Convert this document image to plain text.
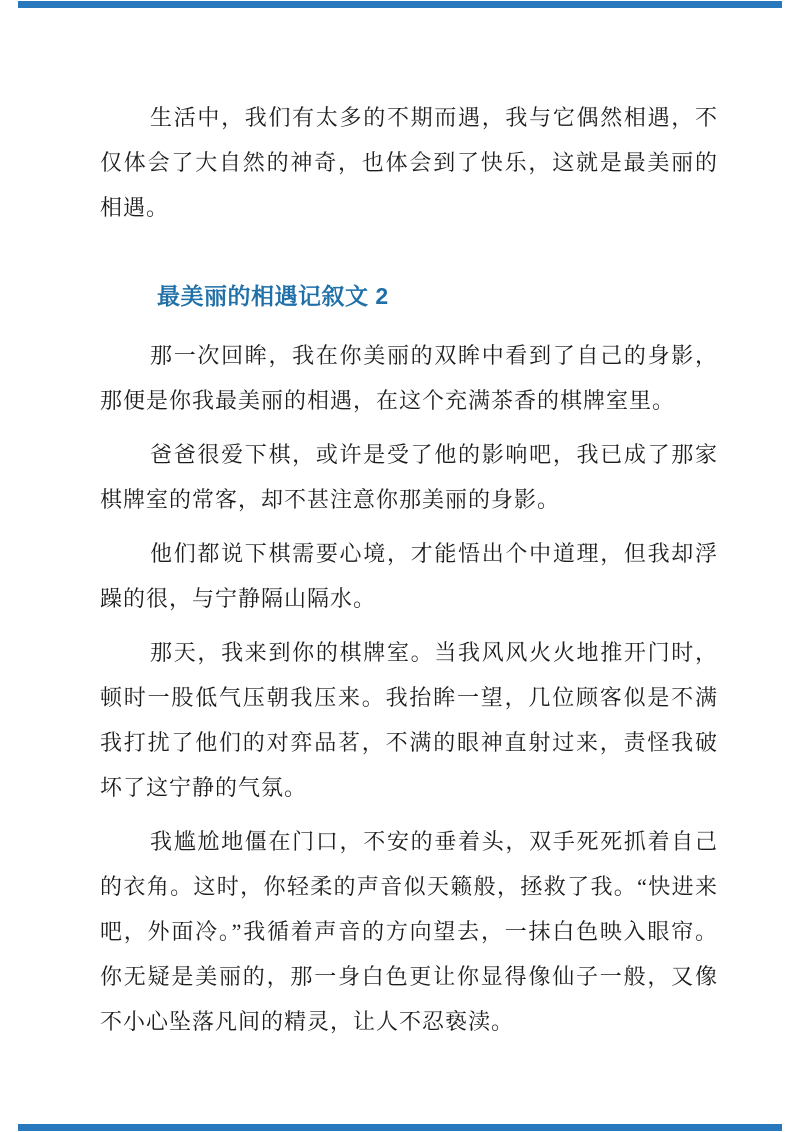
生活中，我们有太多的不期而遇，我与它偶然相遇，不仅体会了大自然的神奇，也体会到了快乐，这就是最美丽的相遇。

最美丽的相遇记叙文 2

那一次回眸，我在你美丽的双眸中看到了自己的身影，那便是你我最美丽的相遇，在这个充满茶香的棋牌室里。

爸爸很爱下棋，或许是受了他的影响吧，我已成了那家棋牌室的常客，却不甚注意你那美丽的身影。

他们都说下棋需要心境，才能悟出个中道理，但我却浮躁的很，与宁静隔山隔水。

那天，我来到你的棋牌室。当我风风火火地推开门时，顿时一股低气压朝我压来。我抬眸一望，几位顾客似是不满我打扰了他们的对弈品茗，不满的眼神直射过来，责怪我破坏了这宁静的气氛。

我尴尬地僵在门口，不安的垂着头，双手死死抓着自己的衣角。这时，你轻柔的声音似天籁般，拯救了我。“快进来吧，外面冷。”我循着声音的方向望去，一抹白色映入眼帘。你无疑是美丽的，那一身白色更让你显得像仙子一般，又像不小心坠落凡间的精灵，让人不忍亵渎。
